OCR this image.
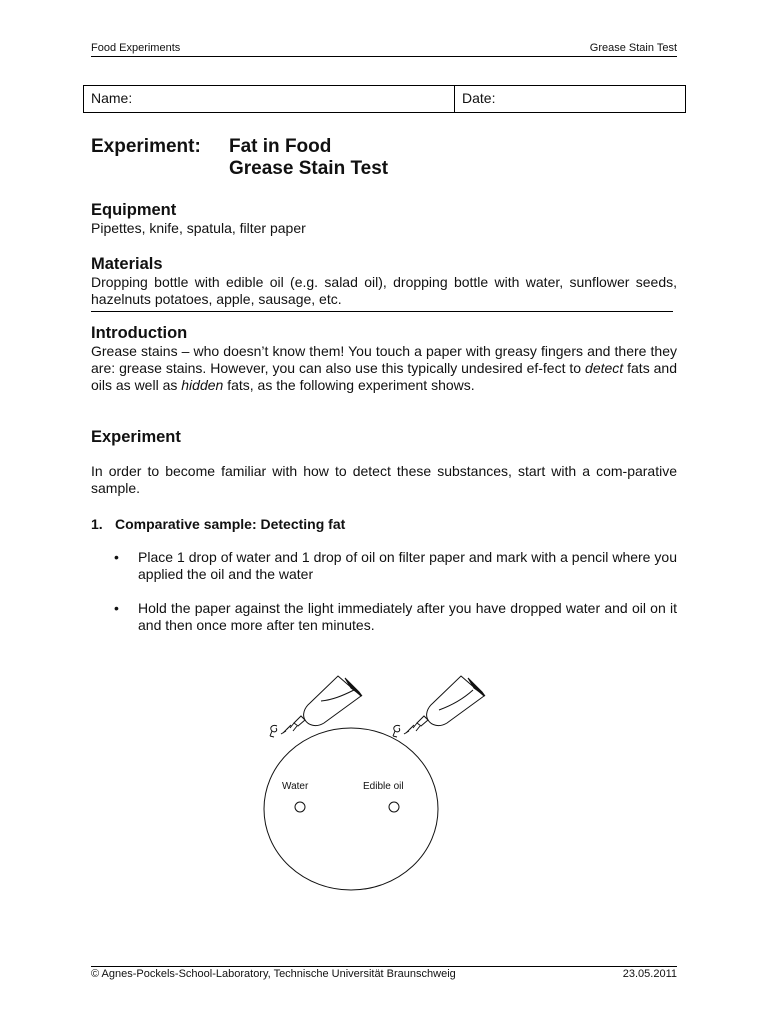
Food Experiments	Grease Stain Test
Name:	Date:
Experiment: Fat in Food
Grease Stain Test
Equipment

Pipettes, knife, spatula, filter paper

Materials

Dropping bottle with edible oil (e.g. salad oil), dropping bottle with water, sunflower seeds, hazelnuts potatoes, apple, sausage, etc.

Introduction

Grease stains – who doesn’t know them! You touch a paper with greasy fingers and there they are: grease stains. However, you can also use this typically undesired ef-fect to detect fats and oils as well as hidden fats, as the following experiment shows.

Experiment

In order to become familiar with how to detect these substances, start with a com-parative sample.

1. Comparative sample: Detecting fat
• Place 1 drop of water and 1 drop of oil on filter paper and mark with a pencil where you applied the oil and the water
• Hold the paper against the light immediately after you have dropped water and oil on it and then once more after ten minutes.
Water	Edible oil
© Agnes-Pockels-School-Laboratory, Technische Universität Braunschweig	23.05.2011
